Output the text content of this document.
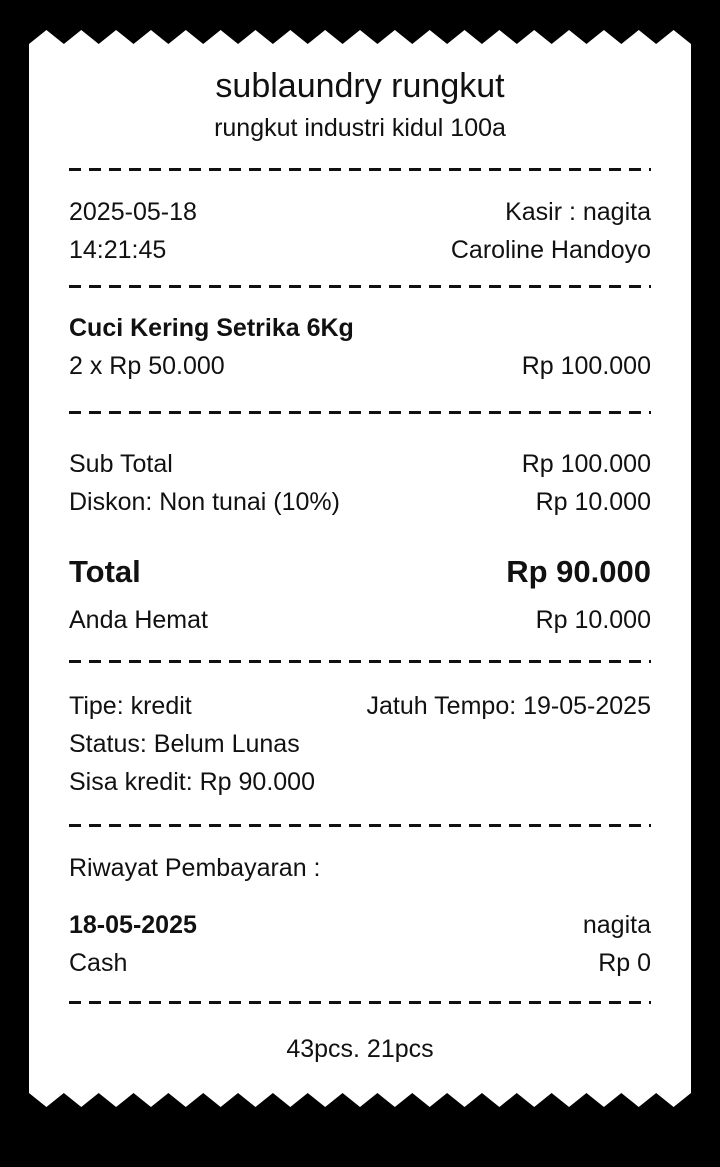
sublaundry rungkut
rungkut industri kidul 100a
2025-05-18	Kasir : nagita
14:21:45	Caroline Handoyo
Cuci Kering Setrika 6Kg
2 x Rp 50.000	Rp 100.000
Sub Total	Rp 100.000
Diskon: Non tunai (10%)	Rp 10.000
Total	Rp 90.000
Anda Hemat	Rp 10.000
Tipe: kredit	Jatuh Tempo: 19-05-2025
Status: Belum Lunas
Sisa kredit: Rp 90.000
Riwayat Pembayaran :
18-05-2025	nagita
Cash	Rp 0
43pcs. 21pcs
